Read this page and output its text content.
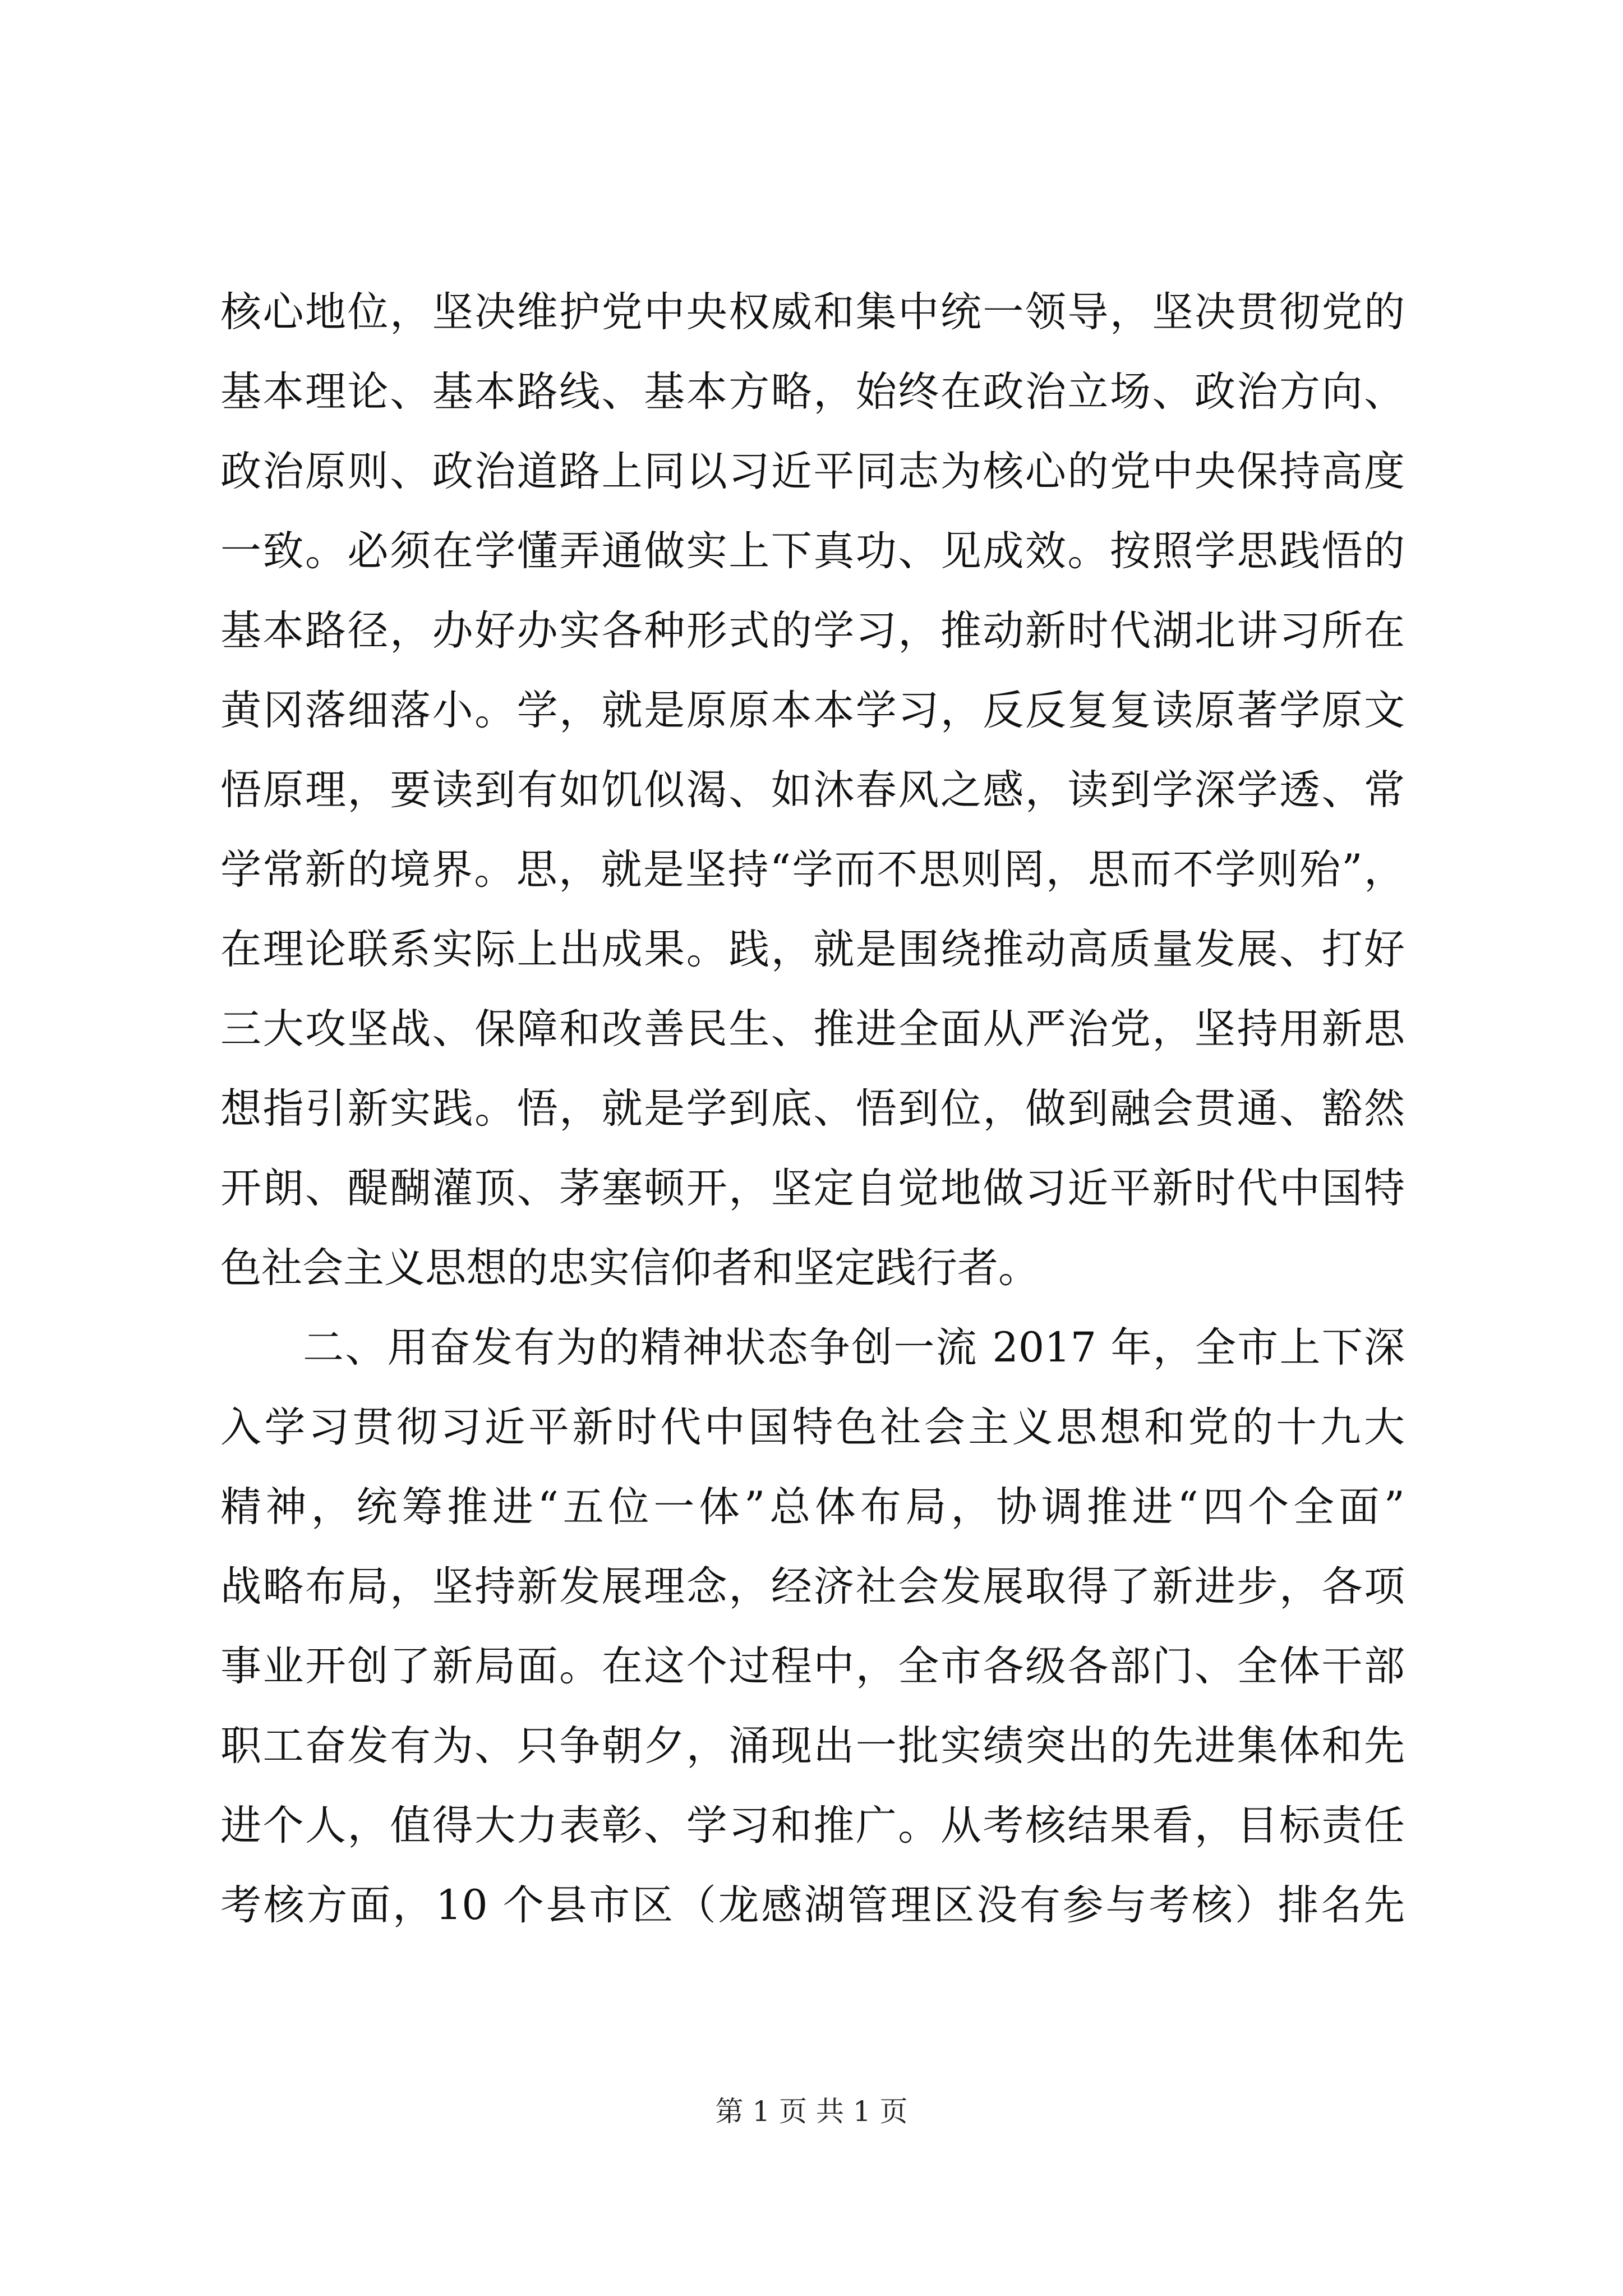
核心地位，坚决维护党中央权威和集中统一领导，坚决贯彻党的
基本理论、基本路线、基本方略，始终在政治立场、政治方向、
政治原则、政治道路上同以习近平同志为核心的党中央保持高度
一致。必须在学懂弄通做实上下真功、见成效。按照学思践悟的
基本路径，办好办实各种形式的学习，推动新时代湖北讲习所在
黄冈落细落小。学，就是原原本本学习，反反复复读原著学原文
悟原理，要读到有如饥似渴、如沐春风之感，读到学深学透、常
学常新的境界。思，就是坚持“学而不思则罔，思而不学则殆”，
在理论联系实际上出成果。践，就是围绕推动高质量发展、打好
三大攻坚战、保障和改善民生、推进全面从严治党，坚持用新思
想指引新实践。悟，就是学到底、悟到位，做到融会贯通、豁然
开朗、醍醐灌顶、茅塞顿开，坚定自觉地做习近平新时代中国特
色社会主义思想的忠实信仰者和坚定践行者。
二、用奋发有为的精神状态争创一流 2017 年，全市上下深
入学习贯彻习近平新时代中国特色社会主义思想和党的十九大
精神，统筹推进“五位一体”总体布局，协调推进“四个全面”
战略布局，坚持新发展理念，经济社会发展取得了新进步，各项
事业开创了新局面。在这个过程中，全市各级各部门、全体干部
职工奋发有为、只争朝夕，涌现出一批实绩突出的先进集体和先
进个人，值得大力表彰、学习和推广。从考核结果看，目标责任
考核方面，10 个县市区（龙感湖管理区没有参与考核）排名先
第 1 页 共 1 页
